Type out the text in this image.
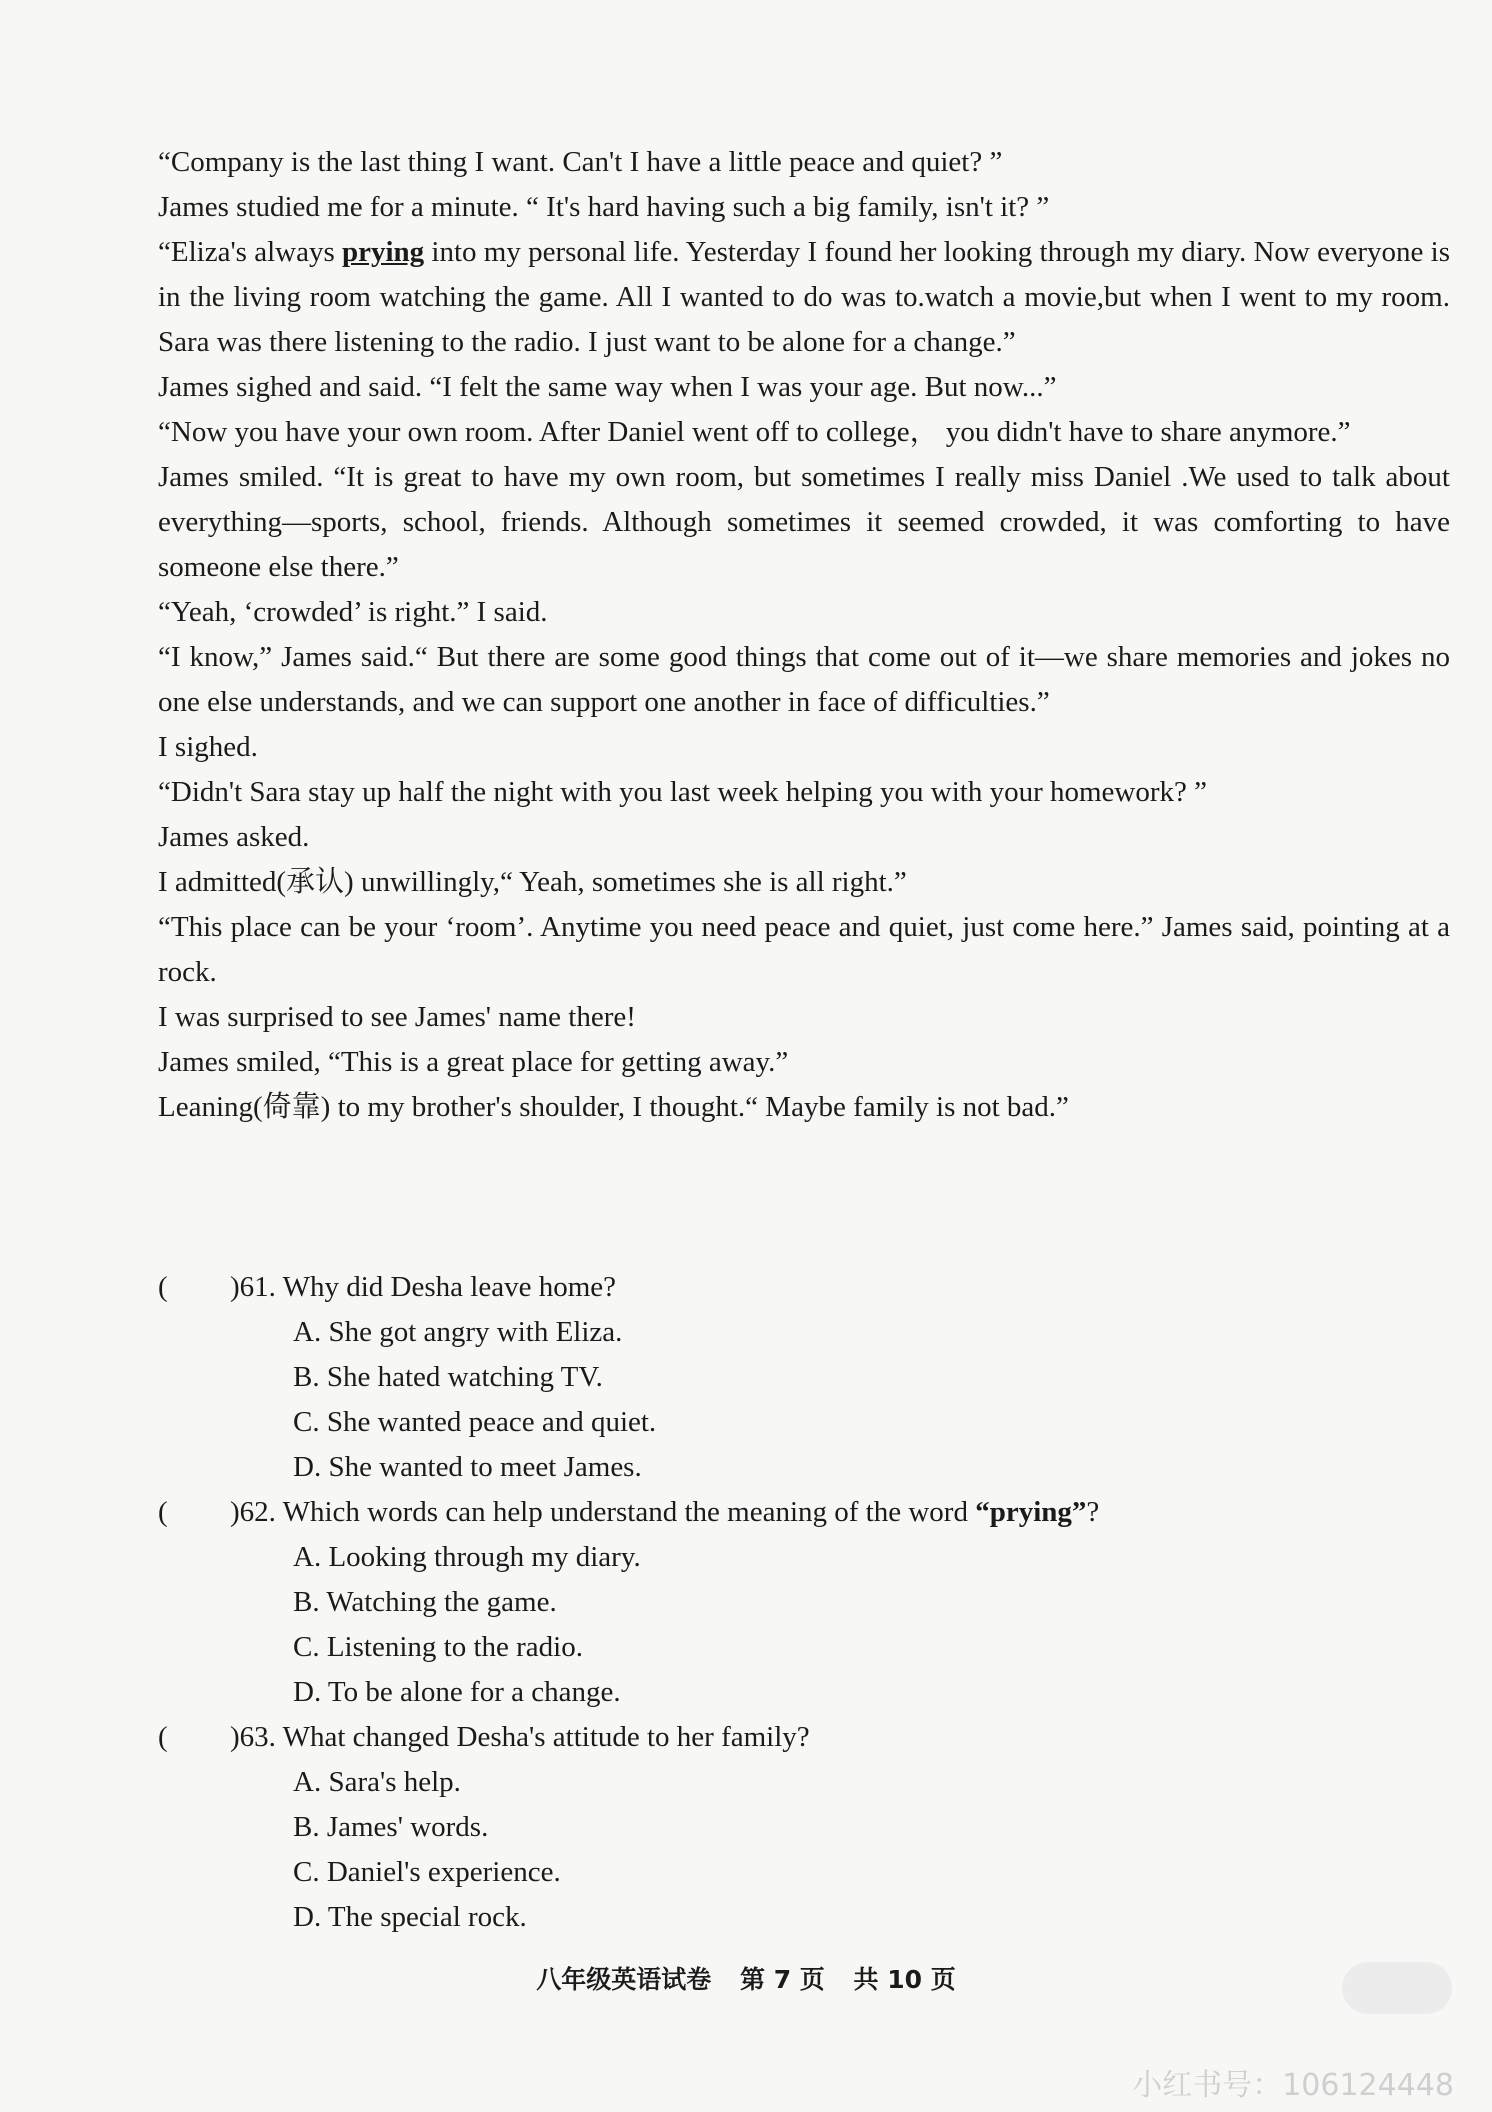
“Company is the last thing I want. Can't I have a little peace and quiet? ”

James studied me for a minute. “ It's hard having such a big family, isn't it? ”

“Eliza's always prying into my personal life. Yesterday I found her looking through my diary. Now everyone is in the living room watching the game. All I wanted to do was to.watch a movie,but when I went to my room. Sara was there listening to the radio. I just want to be alone for a change.”

James sighed and said. “I felt the same way when I was your age. But now...”

“Now you have your own room. After Daniel went off to college， you didn't have to share anymore.”

James smiled. “It is great to have my own room, but sometimes I really miss Daniel .We used to talk about everything—sports, school, friends. Although sometimes it seemed crowded, it was comforting to have someone else there.”

“Yeah, ‘crowded’ is right.” I said.

“I know,” James said.“ But there are some good things that come out of it—we share memories and jokes no one else understands, and we can support one another in face of difficulties.”

I sighed.

“Didn't Sara stay up half the night with you last week helping you with your homework? ”

James asked.

I admitted(承认) unwillingly,“ Yeah, sometimes she is all right.”

“This place can be your ‘room’. Anytime you need peace and quiet, just come here.” James said, pointing at a rock.

I was surprised to see James' name there!

James smiled, “This is a great place for getting away.”

Leaning(倚靠) to my brother's shoulder, I thought.“ Maybe family is not bad.”

(	)61. Why did Desha leave home?

A. She got angry with Eliza.

B. She hated watching TV.

C. She wanted peace and quiet.

D. She wanted to meet James.

(	)62. Which words can help understand the meaning of the word “prying”?

A. Looking through my diary.

B. Watching the game.

C. Listening to the radio.

D. To be alone for a change.

(	)63. What changed Desha's attitude to her family?

A. Sara's help.

B. James' words.

C. Daniel's experience.

D. The special rock.

八年级英语试卷 第 7 页 共 10 页
小红书号：106124448
